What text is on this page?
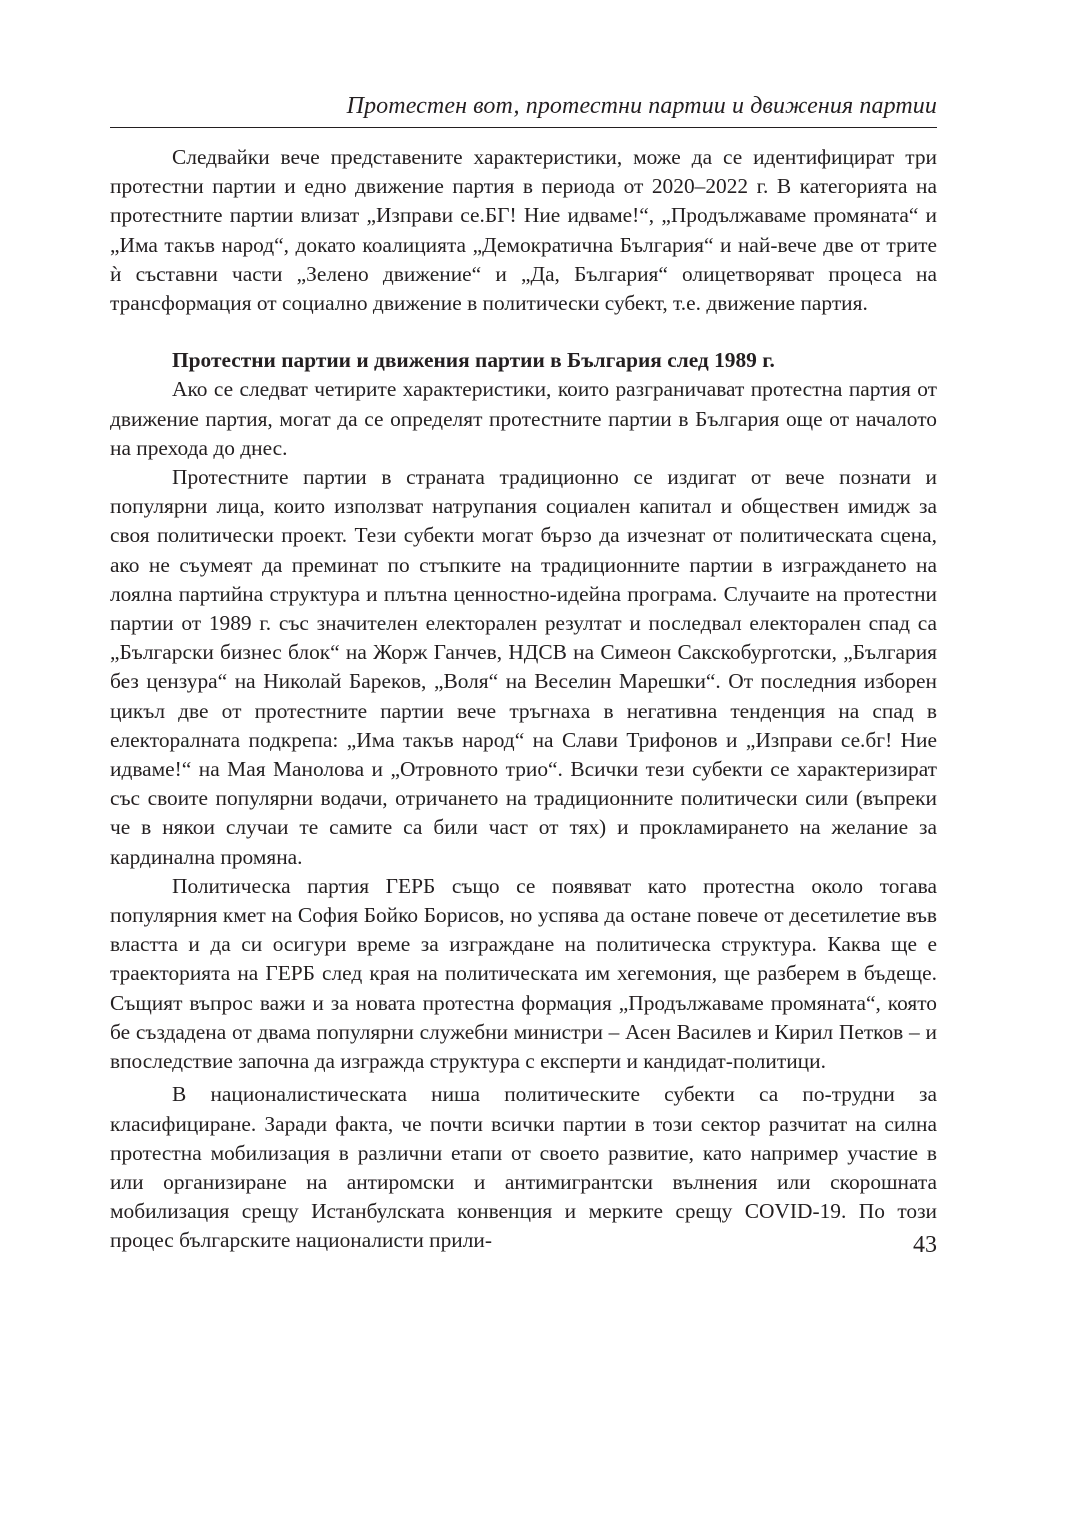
Протестен вот, протестни партии и движения партии

Следвайки вече представените характеристики, може да се идентифицират три протестни партии и едно движение партия в периода от 2020–2022 г. В категорията на протестните партии влизат „Изправи се.БГ! Ние идваме!“, „Продължаваме промяната“ и „Има такъв народ“, докато коалицията „Демократична България“ и най-вече две от трите ѝ съставни части „Зелено движение“ и „Да, България“ олицетворяват процеса на трансформация от социално движение в политически субект, т.е. движение партия.

Протестни партии и движения партии в България след 1989 г.

Ако се следват четирите характеристики, които разграничават протестна партия от движение партия, могат да се определят протестните партии в България още от началото на прехода до днес.

Протестните партии в страната традиционно се издигат от вече познати и популярни лица, които използват натрупания социален капитал и обществен имидж за своя политически проект. Тези субекти могат бързо да изчезнат от политическата сцена, ако не съумеят да преминат по стъпките на традиционните партии в изграждането на лоялна партийна структура и плътна ценностно-идейна програма. Случаите на протестни партии от 1989 г. със значителен електорален резултат и последвал електорален спад са „Български бизнес блок“ на Жорж Ганчев, НДСВ на Симеон Сакскобурготски, „България без цензура“ на Николай Бареков, „Воля“ на Веселин Марешки“. От последния изборен цикъл две от протестните партии вече тръгнаха в негативна тенденция на спад в електоралната подкрепа: „Има такъв народ“ на Слави Трифонов и „Изправи се.бг! Ние идваме!“ на Мая Манолова и „Отровното трио“. Всички тези субекти се характеризират със своите популярни водачи, отричането на традиционните политически сили (въпреки че в някои случаи те самите са били част от тях) и прокламирането на желание за кардинална промяна.

Политическа партия ГЕРБ също се появяват като протестна около тогава популярния кмет на София Бойко Борисов, но успява да остане повече от десетилетие във властта и да си осигури време за изграждане на политическа структура. Каква ще е траекторията на ГЕРБ след края на политическата им хегемония, ще разберем в бъдеще. Същият въпрос важи и за новата протестна формация „Продължаваме промяната“, която бе създадена от двама популярни служебни министри – Асен Василев и Кирил Петков – и впоследствие започна да изгражда структура с експерти и кандидат-политици.

В националистическата ниша политическите субекти са по-трудни за класифициране. Заради факта, че почти всички партии в този сектор разчитат на силна протестна мобилизация в различни етапи от своето развитие, като например участие в или организиране на антиромски и антимигрантски вълнения или скорошната мобилизация срещу Истанбулската конвенция и мерките срещу COVID-19. По този процес българските националисти прили-	43
